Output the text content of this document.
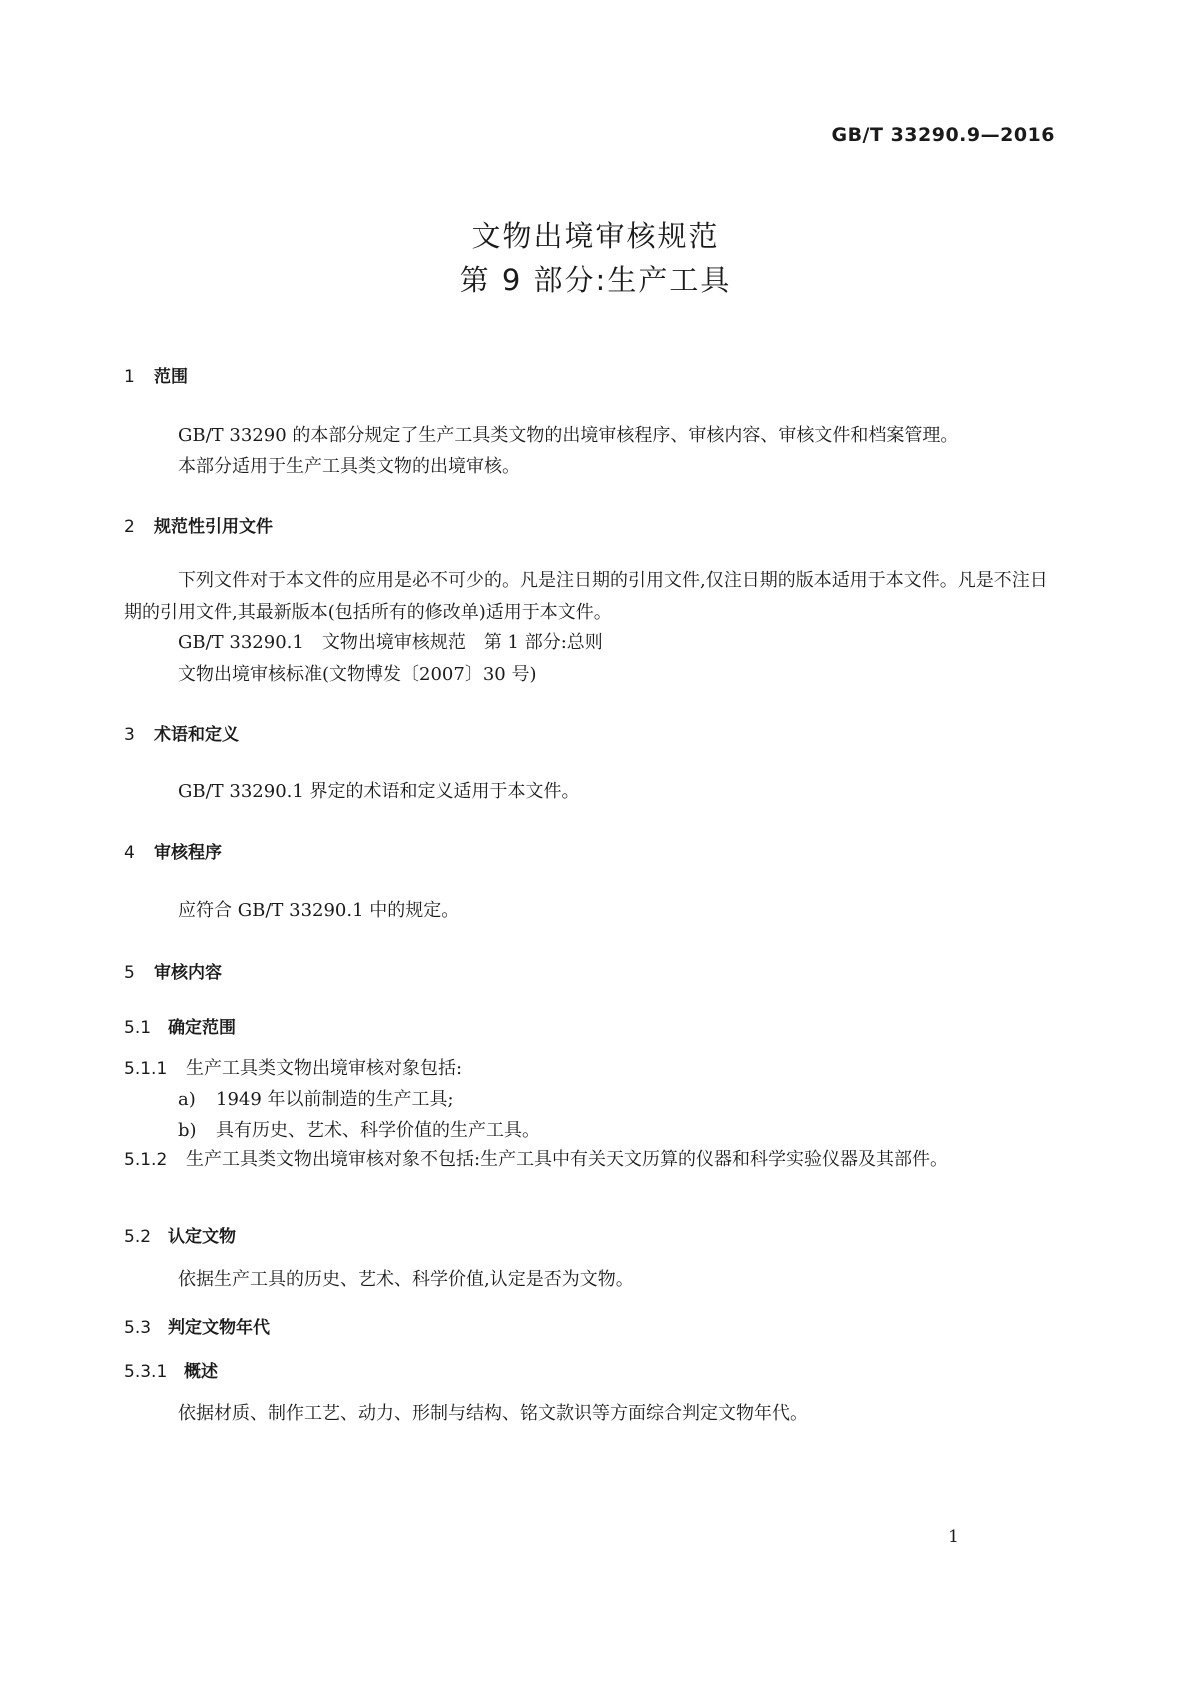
GB/T 33290.9—2016
文物出境审核规范
第 9 部分:生产工具
1 范围
GB/T 33290 的本部分规定了生产工具类文物的出境审核程序、审核内容、审核文件和档案管理。
本部分适用于生产工具类文物的出境审核。
2 规范性引用文件
下列文件对于本文件的应用是必不可少的。凡是注日期的引用文件,仅注日期的版本适用于本文件。凡是不注日期的引用文件,其最新版本(包括所有的修改单)适用于本文件。
GB/T 33290.1　文物出境审核规范　第 1 部分:总则
文物出境审核标准(文物博发〔2007〕30 号)
3 术语和定义
GB/T 33290.1 界定的术语和定义适用于本文件。
4 审核程序
应符合 GB/T 33290.1 中的规定。
5 审核内容
5.1 确定范围
5.1.1 生产工具类文物出境审核对象包括:
a) 1949 年以前制造的生产工具;
b) 具有历史、艺术、科学价值的生产工具。
5.1.2 生产工具类文物出境审核对象不包括:生产工具中有关天文历算的仪器和科学实验仪器及其部件。
5.2 认定文物
依据生产工具的历史、艺术、科学价值,认定是否为文物。
5.3 判定文物年代
5.3.1 概述
依据材质、制作工艺、动力、形制与结构、铭文款识等方面综合判定文物年代。
1
